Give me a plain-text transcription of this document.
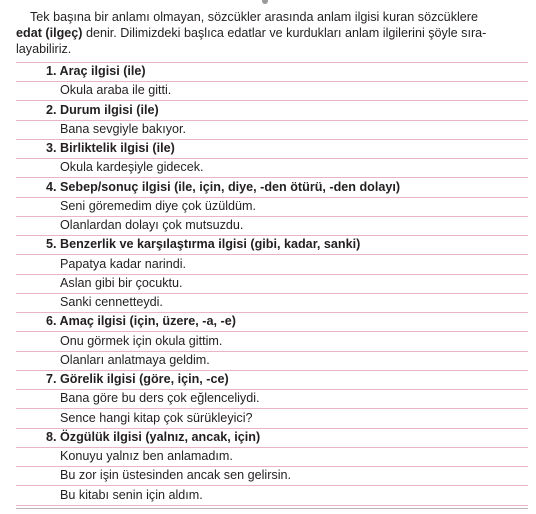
Tek başına bir anlamı olmayan, sözcükler arasında anlam ilgisi kuran sözcüklere
edat (ilgeç) denir. Dilimizdeki başlıca edatlar ve kurdukları anlam ilgilerini şöyle sıra-
layabiliriz.
1. Araç ilgisi (ile)
Okula araba ile gitti.
2. Durum ilgisi (ile)
Bana sevgiyle bakıyor.
3. Birliktelik ilgisi (ile)
Okula kardeşiyle gidecek.
4. Sebep/sonuç ilgisi (ile, için, diye, -den ötürü, -den dolayı)
Seni göremedim diye çok üzüldüm.
Olanlardan dolayı çok mutsuzdu.
5. Benzerlik ve karşılaştırma ilgisi (gibi, kadar, sanki)
Papatya kadar narindi.
Aslan gibi bir çocuktu.
Sanki cennetteydi.
6. Amaç ilgisi (için, üzere, -a, -e)
Onu görmek için okula gittim.
Olanları anlatmaya geldim.
7. Görelik ilgisi (göre, için, -ce)
Bana göre bu ders çok eğlenceliydi.
Sence hangi kitap çok sürükleyici?
8. Özgülük ilgisi (yalnız, ancak, için)
Konuyu yalnız ben anlamadım.
Bu zor işin üstesinden ancak sen gelirsin.
Bu kitabı senin için aldım.
